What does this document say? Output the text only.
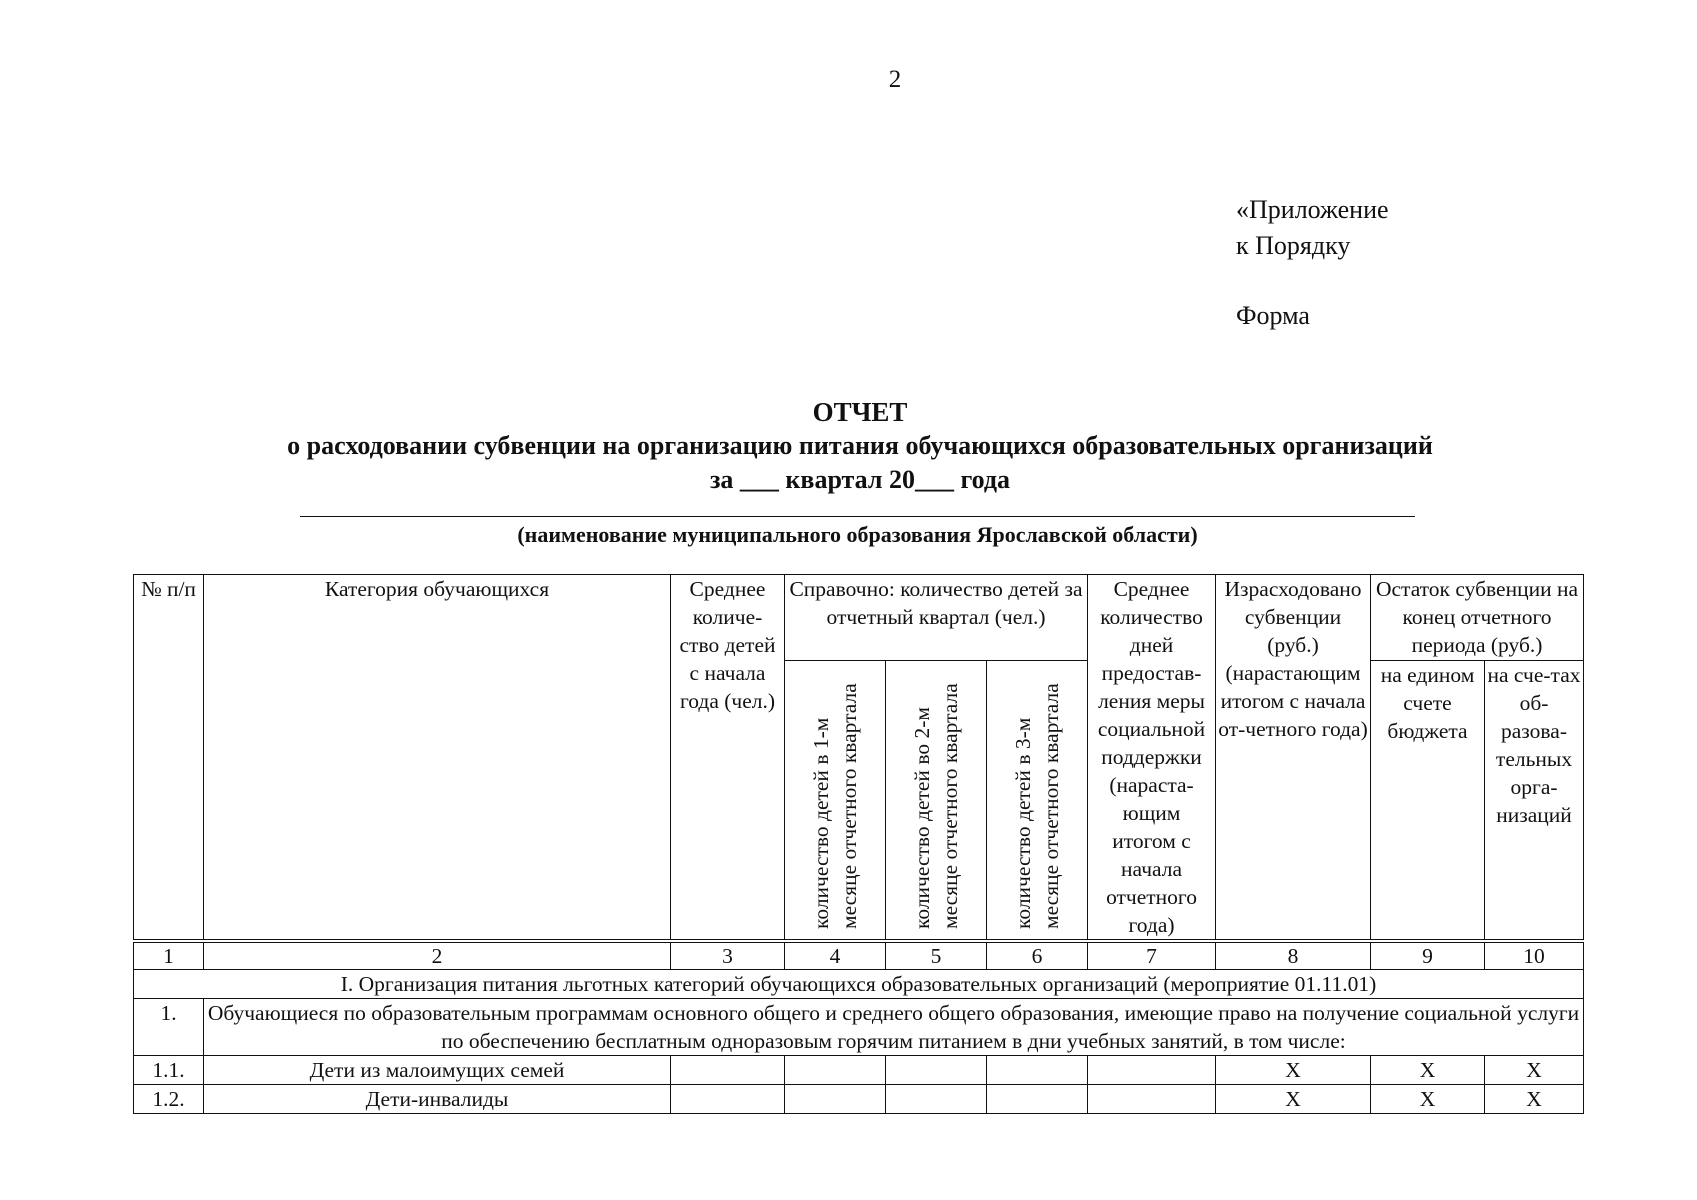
2
«Приложение
к Порядку
Форма
ОТЧЕТ
о расходовании субвенции на организацию питания обучающихся образовательных организаций
за ___ квартал 20___ года
(наименование муниципального образования Ярославской области)
№ п/п	Категория обучающихся	Среднее количе-ство детей с начала года (чел.)	Справочно: количество детей за отчетный квартал (чел.)			Среднее количество дней предостав-ления меры социальной поддержки (нараста-ющим итогом с начала отчетного года)	Израсходовано субвенции (руб.) (нарастающим итогом с начала от-четного года)	Остаток субвенции на конец отчетного периода (руб.)	
			количество детей в 1-м месяце отчетного квартала	количество детей во 2-м месяце отчетного квартала	количество детей в 3-м месяце отчетного квартала			на едином счете бюджета	на сче-тах об-разова-тельных орга-низаций
1	2	3	4	5	6	7	8	9	10
I. Организация питания льготных категорий обучающихся образовательных организаций (мероприятие 01.11.01)									
1.	Обучающиеся по образовательным программам основного общего и среднего общего образования, имеющие право на получение социальной услуги по обеспечению бесплатным одноразовым горячим питанием в дни учебных занятий, в том числе:								
1.1.	Дети из малоимущих семей						Х	Х	Х
1.2.	Дети-инвалиды						Х	Х	Х
